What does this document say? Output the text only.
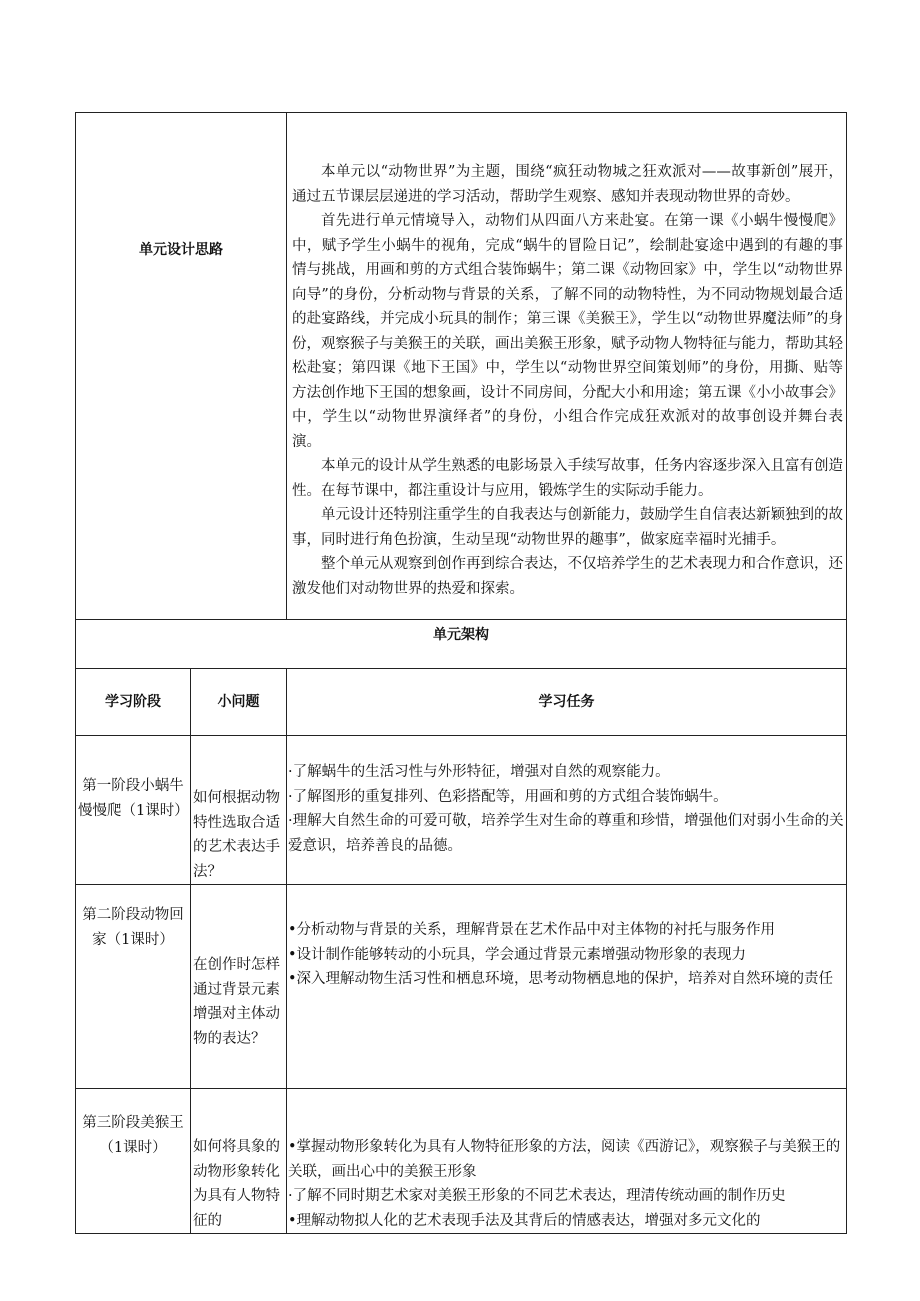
单元设计思路		本单元以“动物世界”为主题，围绕“疯狂动物城之狂欢派对——故事新创”展开，通过五节课层层递进的学习活动，帮助学生观察、感知并表现动物世界的奇妙。

首先进行单元情境导入，动物们从四面八方来赴宴。在第一课《小蜗牛慢慢爬》中，赋予学生小蜗牛的视角，完成“蜗牛的冒险日记”，绘制赴宴途中遇到的有趣的事情与挑战，用画和剪的方式组合装饰蜗牛；第二课《动物回家》中，学生以“动物世界向导”的身份，分析动物与背景的关系，了解不同的动物特性，为不同动物规划最合适的赴宴路线，并完成小玩具的制作；第三课《美猴王》，学生以“动物世界魔法师”的身份，观察猴子与美猴王的关联，画出美猴王形象，赋予动物人物特征与能力，帮助其轻松赴宴；第四课《地下王国》中，学生以“动物世界空间策划师”的身份，用撕、贴等方法创作地下王国的想象画，设计不同房间，分配大小和用途；第五课《小小故事会》中，学生以“动物世界演绎者”的身份，小组合作完成狂欢派对的故事创设并舞台表演。

本单元的设计从学生熟悉的电影场景入手续写故事，任务内容逐步深入且富有创造性。在每节课中，都注重设计与应用，锻炼学生的实际动手能力。

单元设计还特别注重学生的自我表达与创新能力，鼓励学生自信表达新颖独到的故事，同时进行角色扮演，生动呈现“动物世界的趣事”，做家庭幸福时光捕手。

整个单元从观察到创作再到综合表达，不仅培养学生的艺术表现力和合作意识，还激发他们对动物世界的热爱和探索。

单元架构		
学习阶段	小问题	学习任务
第一阶段小蜗牛慢慢爬（1课时）	如何根据动物特性选取合适的艺术表达手法？	·了解蜗牛的生活习性与外形特征，增强对自然的观察能力。
·了解图形的重复排列、色彩搭配等，用画和剪的方式组合装饰蜗牛。
·理解大自然生命的可爱可敬，培养学生对生命的尊重和珍惜，增强他们对弱小生命的关爱意识，培养善良的品德。

第二阶段动物回家（1课时）	在创作时怎样通过背景元素增强对主体动物的表达？	•分析动物与背景的关系，理解背景在艺术作品中对主体物的衬托与服务作用
•设计制作能够转动的小玩具，学会通过背景元素增强动物形象的表现力
•深入理解动物生活习性和栖息环境，思考动物栖息地的保护，培养对自然环境的责任

第三阶段美猴王（1课时）	如何将具象的动物形象转化为具有人物特征的	•掌握动物形象转化为具有人物特征形象的方法，阅读《西游记》，观察猴子与美猴王的关联，画出心中的美猴王形象
·了解不同时期艺术家对美猴王形象的不同艺术表达，理清传统动画的制作历史
•理解动物拟人化的艺术表现手法及其背后的情感表达，增强对多元文化的
